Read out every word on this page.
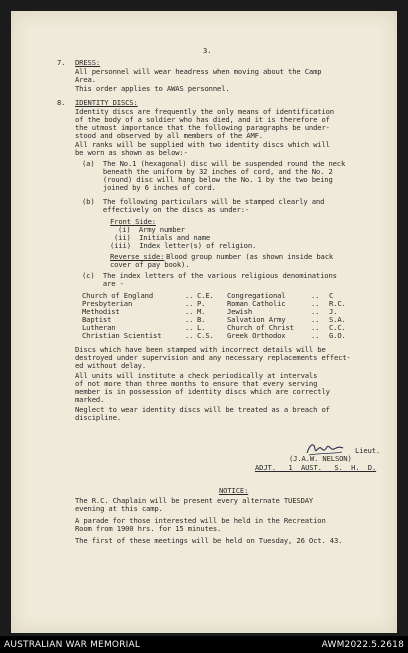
3.
7. DRESS:
All personnel will wear headress when moving about the Camp
Area.
This order applies to AWAS personnel.
8. IDENTITY DISCS:
Identity discs are frequently the only means of identification
of the body of a soldier who has died, and it is therefore of
the utmost importance that the following paragraphs be under-
stood and observed by all members of the AMF.
All ranks will be supplied with two identity discs which will
be worn as shown as below:-
(a)  The No.1 (hexagonal) disc will be suspended round the neck
beneath the uniform by 32 inches of cord, and the No. 2
(round) disc will hang below the No. 1 by the two being
joined by 6 inches of cord.
(b)  The following particulars will be stamped clearly and
effectively on the discs as under:-
Front Side:
(i)  Army number
(ii)  Initials and name
(iii)  Index letter(s) of religion.
Reverse side: Blood group number (as shown inside back
cover of pay book).
(c)  The index letters of the various religious denominations
are -
Church of England	.. C.E. Congregational	.. C
Presbyterian	.. P.	Roman Catholic	.. R.C.
Methodist	.. M.	Jewish	.. J.
Baptist	.. B.	Salvation Army	.. S.A.
Lutheran	.. L.	Church of Christ .. C.C.
Christian Scientist	.. C.S. Greek Orthodox	.. G.O.
Discs which have been stamped with incorrect details will be
destroyed under supervision and any necessary replacements effect-
ed without delay.
All units will institute a check periodically at intervals
of not more than three months to ensure that every serving
member is in possession of identity discs which are correctly
marked.
Neglect to wear identity discs will be treated as a breach of
discipline.
Lieut.
(J.A.W. NELSON)
ADJT.   1  AUST.   S.  H.  D.
NOTICE:
The R.C. Chaplain will be present every alternate TUESDAY
evening at this camp.
A parade for those interested will be held in the Recreation
Room from 1900 hrs. for 15 minutes.
The first of these meetings will be held on Tuesday, 26 Oct. 43.
AUSTRALIAN WAR MEMORIAL	AWM2022.5.2618
